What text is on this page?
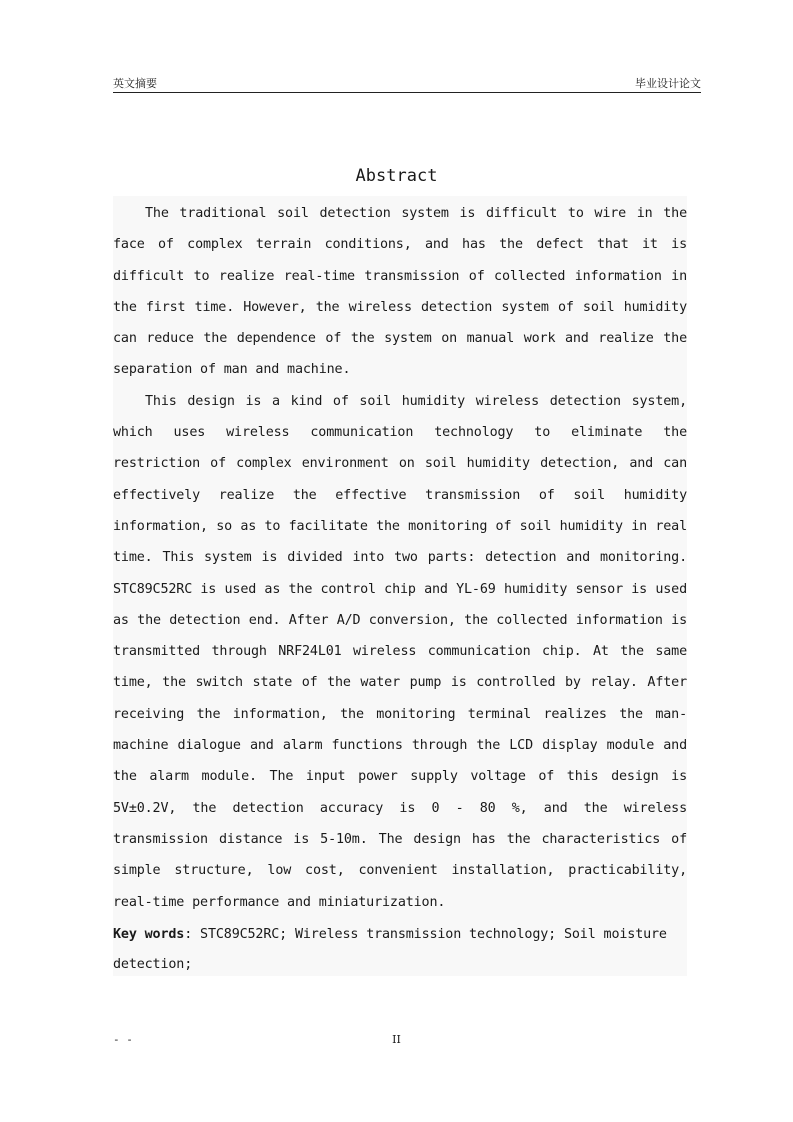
英文摘要	毕业设计论文
Abstract

The traditional soil detection system is difficult to wire in the face of complex terrain conditions, and has the defect that it is difficult to realize real-time transmission of collected information in the first time. However, the wireless detection system of soil humidity can reduce the dependence of the system on manual work and realize the separation of man and machine.

This design is a kind of soil humidity wireless detection system, which uses wireless communication technology to eliminate the restriction of complex environment on soil humidity detection, and can effectively realize the effective transmission of soil humidity information, so as to facilitate the monitoring of soil humidity in real time. This system is divided into two parts: detection and monitoring. STC89C52RC is used as the control chip and YL-69 humidity sensor is used as the detection end. After A/D conversion, the collected information is transmitted through NRF24L01 wireless communication chip. At the same time, the switch state of the water pump is controlled by relay. After receiving the information, the monitoring terminal realizes the man-machine dialogue and alarm functions through the LCD display module and the alarm module. The input power supply voltage of this design is 5V±0.2V, the detection accuracy is 0 - 80 %, and the wireless transmission distance is 5-10m. The design has the characteristics of simple structure, low cost, convenient installation, practicability, real-time performance and miniaturization.

Key words: STC89C52RC; Wireless transmission technology; Soil moisture detection;
- -	II
